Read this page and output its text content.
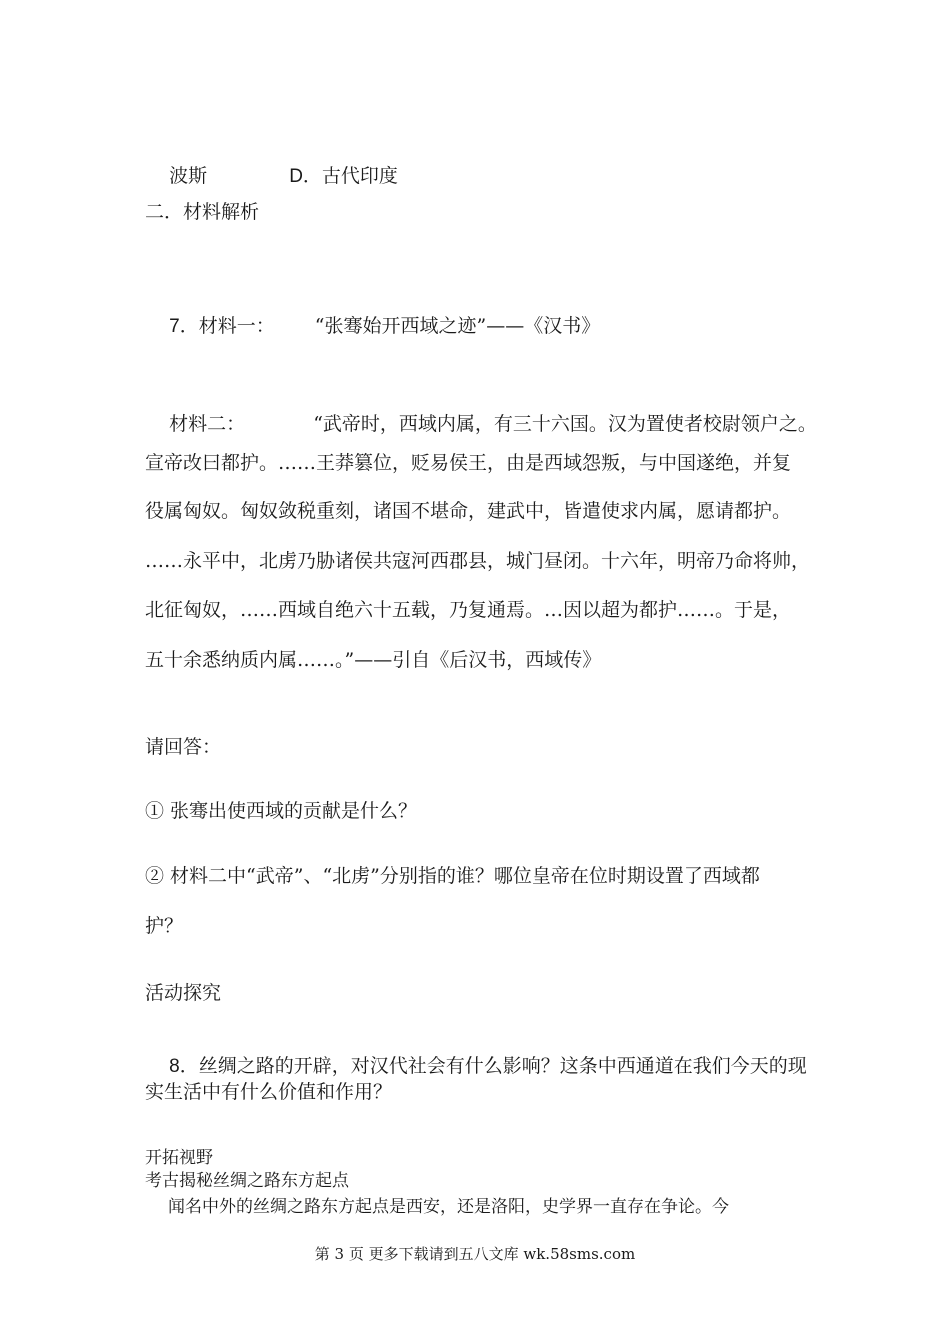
波斯	D．古代印度

二．材料解析

7．材料一： “张骞始开西域之迹”——《汉书》

材料二：	“武帝时，西域内属，有三十六国。汉为置使者校尉领户之。

宣帝改曰都护。……王莽篡位，贬易侯王，由是西域怨叛，与中国遂绝，并复
役属匈奴。匈奴敛税重刻，诸国不堪命，建武中，皆遣使求内属，愿请都护。
……永平中，北虏乃胁诸侯共寇河西郡县，城门昼闭。十六年，明帝乃命将帅，
北征匈奴，……西域自绝六十五载，乃复通焉。…因以超为都护……。于是，
五十余悉纳质内属……。”——引自《后汉书，西域传》
请回答：
① 张骞出使西域的贡献是什么？
② 材料二中“武帝”、“北虏”分别指的谁？哪位皇帝在位时期设置了西域都
护？
活动探究

8．丝绸之路的开辟，对汉代社会有什么影响？这条中西通道在我们今天的现

实生活中有什么价值和作用？
开拓视野
考古揭秘丝绸之路东方起点
闻名中外的丝绸之路东方起点是西安，还是洛阳，史学界一直存在争论。今
第 3 页 更多下载请到五八文库 wk.58sms.com
